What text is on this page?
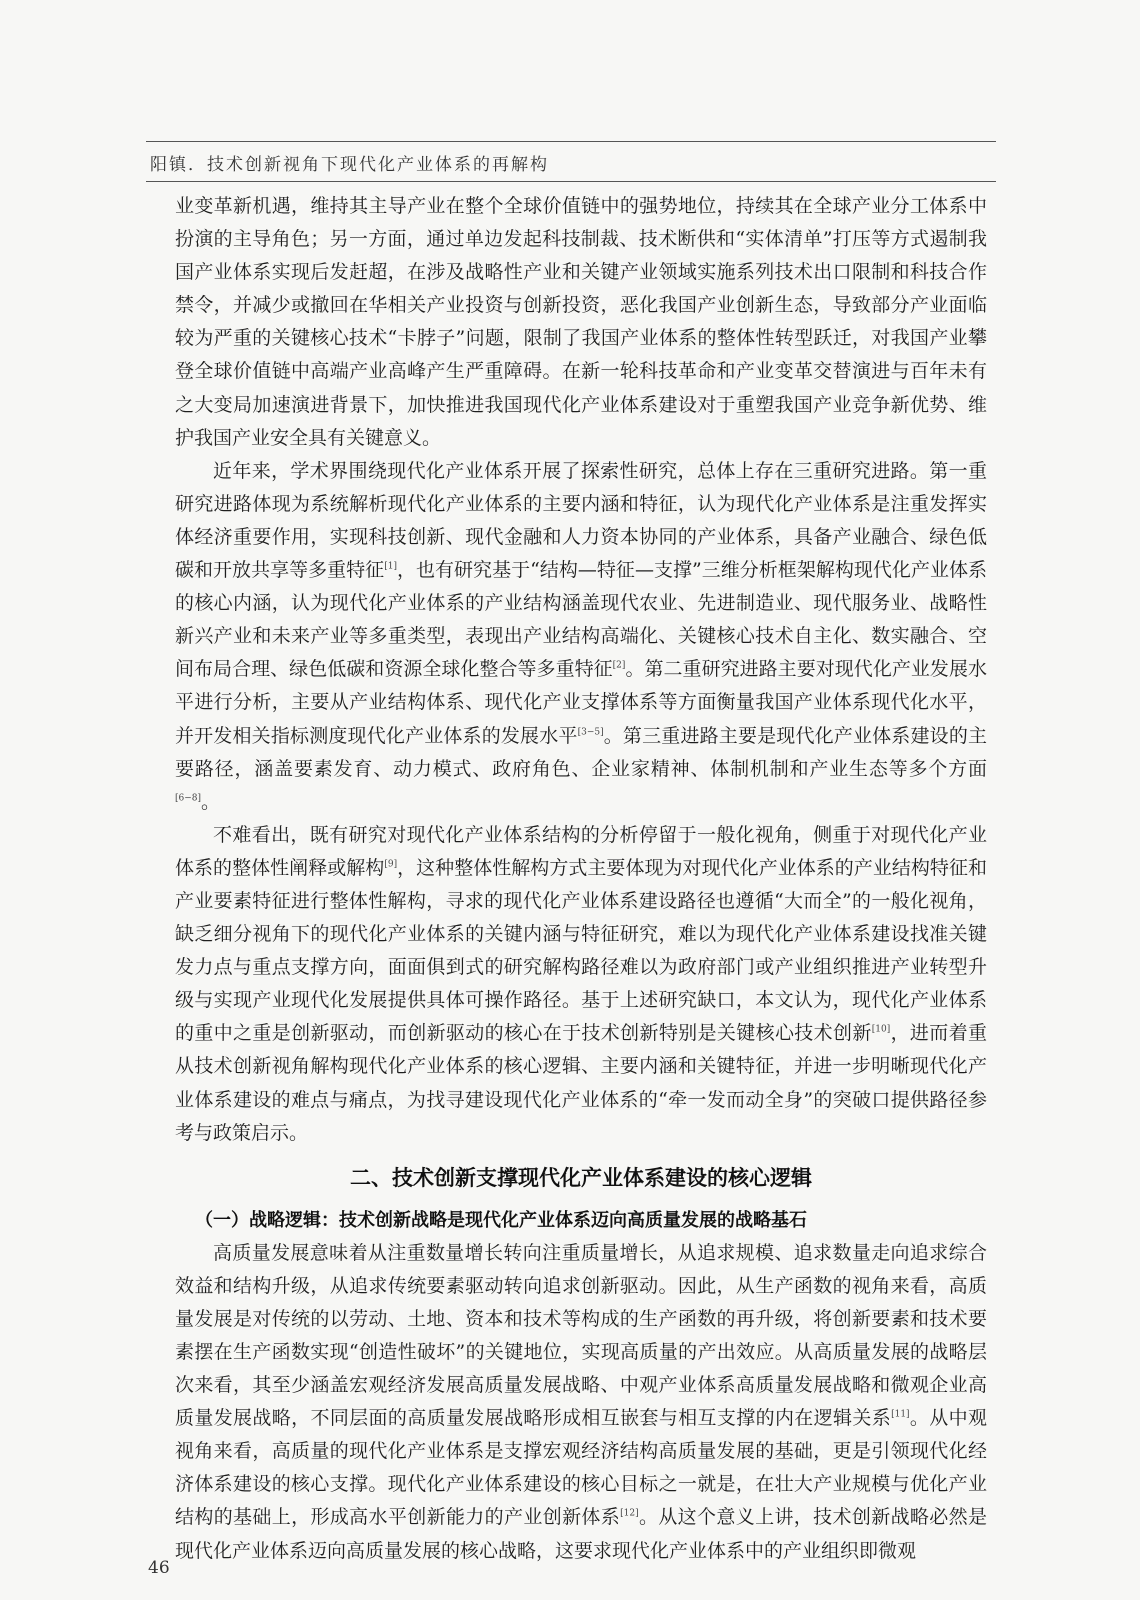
阳镇．技术创新视角下现代化产业体系的再解构

业变革新机遇，维持其主导产业在整个全球价值链中的强势地位，持续其在全球产业分工体系中扮演的主导角色；另一方面，通过单边发起科技制裁、技术断供和“实体清单”打压等方式遏制我国产业体系实现后发赶超，在涉及战略性产业和关键产业领域实施系列技术出口限制和科技合作禁令，并减少或撤回在华相关产业投资与创新投资，恶化我国产业创新生态，导致部分产业面临较为严重的关键核心技术“卡脖子”问题，限制了我国产业体系的整体性转型跃迁，对我国产业攀登全球价值链中高端产业高峰产生严重障碍。在新一轮科技革命和产业变革交替演进与百年未有之大变局加速演进背景下，加快推进我国现代化产业体系建设对于重塑我国产业竞争新优势、维护我国产业安全具有关键意义。

近年来，学术界围绕现代化产业体系开展了探索性研究，总体上存在三重研究进路。第一重研究进路体现为系统解析现代化产业体系的主要内涵和特征，认为现代化产业体系是注重发挥实体经济重要作用，实现科技创新、现代金融和人力资本协同的产业体系，具备产业融合、绿色低碳和开放共享等多重特征[1]，也有研究基于“结构—特征—支撑”三维分析框架解构现代化产业体系的核心内涵，认为现代化产业体系的产业结构涵盖现代农业、先进制造业、现代服务业、战略性新兴产业和未来产业等多重类型，表现出产业结构高端化、关键核心技术自主化、数实融合、空间布局合理、绿色低碳和资源全球化整合等多重特征[2]。第二重研究进路主要对现代化产业发展水平进行分析，主要从产业结构体系、现代化产业支撑体系等方面衡量我国产业体系现代化水平，并开发相关指标测度现代化产业体系的发展水平[3−5]。第三重进路主要是现代化产业体系建设的主要路径，涵盖要素发育、动力模式、政府角色、企业家精神、体制机制和产业生态等多个方面[6−8]。

不难看出，既有研究对现代化产业体系结构的分析停留于一般化视角，侧重于对现代化产业体系的整体性阐释或解构[9]，这种整体性解构方式主要体现为对现代化产业体系的产业结构特征和产业要素特征进行整体性解构，寻求的现代化产业体系建设路径也遵循“大而全”的一般化视角，缺乏细分视角下的现代化产业体系的关键内涵与特征研究，难以为现代化产业体系建设找准关键发力点与重点支撑方向，面面俱到式的研究解构路径难以为政府部门或产业组织推进产业转型升级与实现产业现代化发展提供具体可操作路径。基于上述研究缺口，本文认为，现代化产业体系的重中之重是创新驱动，而创新驱动的核心在于技术创新特别是关键核心技术创新[10]，进而着重从技术创新视角解构现代化产业体系的核心逻辑、主要内涵和关键特征，并进一步明晰现代化产业体系建设的难点与痛点，为找寻建设现代化产业体系的“牵一发而动全身”的突破口提供路径参考与政策启示。

二、技术创新支撑现代化产业体系建设的核心逻辑
（一）战略逻辑：技术创新战略是现代化产业体系迈向高质量发展的战略基石

高质量发展意味着从注重数量增长转向注重质量增长，从追求规模、追求数量走向追求综合效益和结构升级，从追求传统要素驱动转向追求创新驱动。因此，从生产函数的视角来看，高质量发展是对传统的以劳动、土地、资本和技术等构成的生产函数的再升级，将创新要素和技术要素摆在生产函数实现“创造性破坏”的关键地位，实现高质量的产出效应。从高质量发展的战略层次来看，其至少涵盖宏观经济发展高质量发展战略、中观产业体系高质量发展战略和微观企业高质量发展战略，不同层面的高质量发展战略形成相互嵌套与相互支撑的内在逻辑关系[11]。从中观视角来看，高质量的现代化产业体系是支撑宏观经济结构高质量发展的基础，更是引领现代化经济体系建设的核心支撑。现代化产业体系建设的核心目标之一就是，在壮大产业规模与优化产业结构的基础上，形成高水平创新能力的产业创新体系[12]。从这个意义上讲，技术创新战略必然是现代化产业体系迈向高质量发展的核心战略，这要求现代化产业体系中的产业组织即微观

46
